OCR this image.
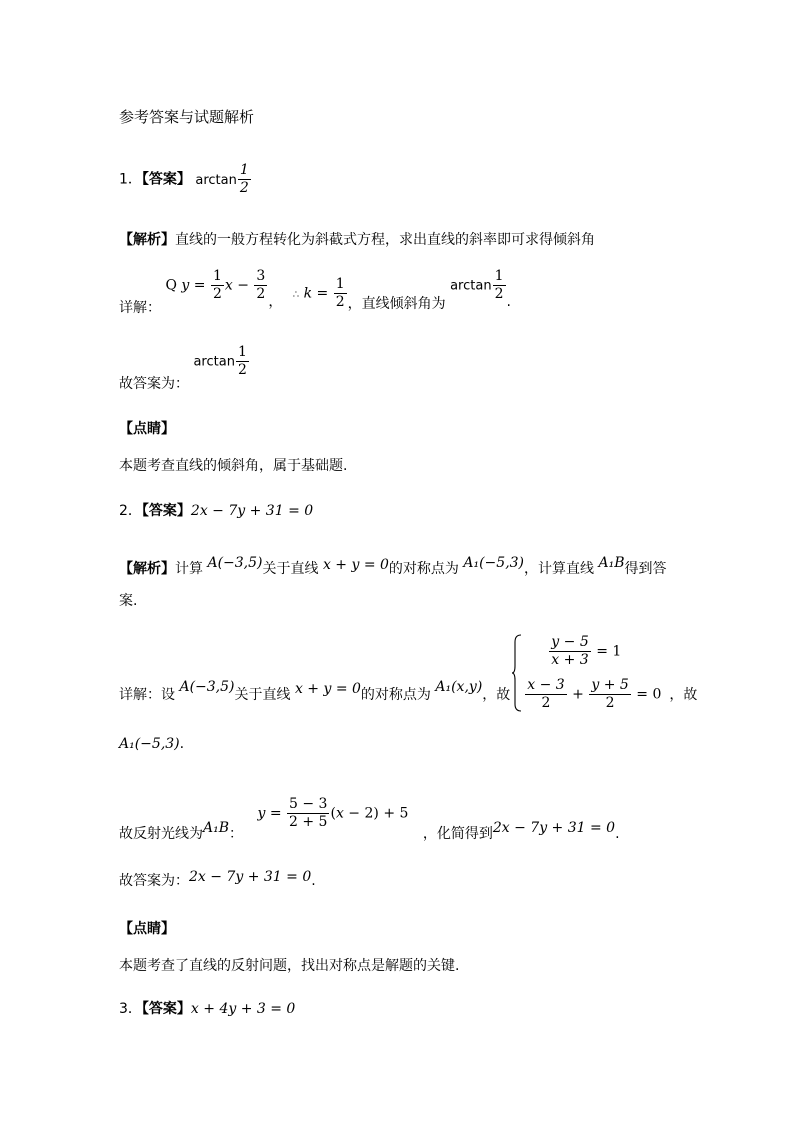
参考答案与试题解析
1．【答案】 $\arctan \frac{1}{2}$
【解析】直线的一般方程转化为斜截式方程，求出直线的斜率即可求得倾斜角
详解： Q $y = \frac{1}{2}$ $x - \frac{3}{2}$ ， ∴ $k = \frac{1}{2}$ ，直线倾斜角为 $\arctan \frac{1}{2}$ .
故答案为： $\arctan \frac{1}{2}$
【点睛】
本题考查直线的倾斜角，属于基础题.
2．【答案】2x − 7y + 31 = 0
【解析】计算 A(−3,5)关于直线 x + y = 0的对称点为 A₁(−5,3)，计算直线 A₁B得到答
案.
详解：设 A(−3,5)关于直线 x + y = 0的对称点为 A₁(x,y)，故
$\frac{y - 5}{x + 3} = 1$
$\frac{x - 3}{2} + \frac{y + 5}{2} = 0$ ，故
A₁(−5,3).
故反射光线为A₁B： $y = \frac{5 - 3}{2 + 5} (x - 2) + 5$ ，化简得到2x − 7y + 31 = 0.
故答案为：2x − 7y + 31 = 0.
【点睛】
本题考查了直线的反射问题，找出对称点是解题的关键.
3．【答案】x + 4y + 3 = 0
